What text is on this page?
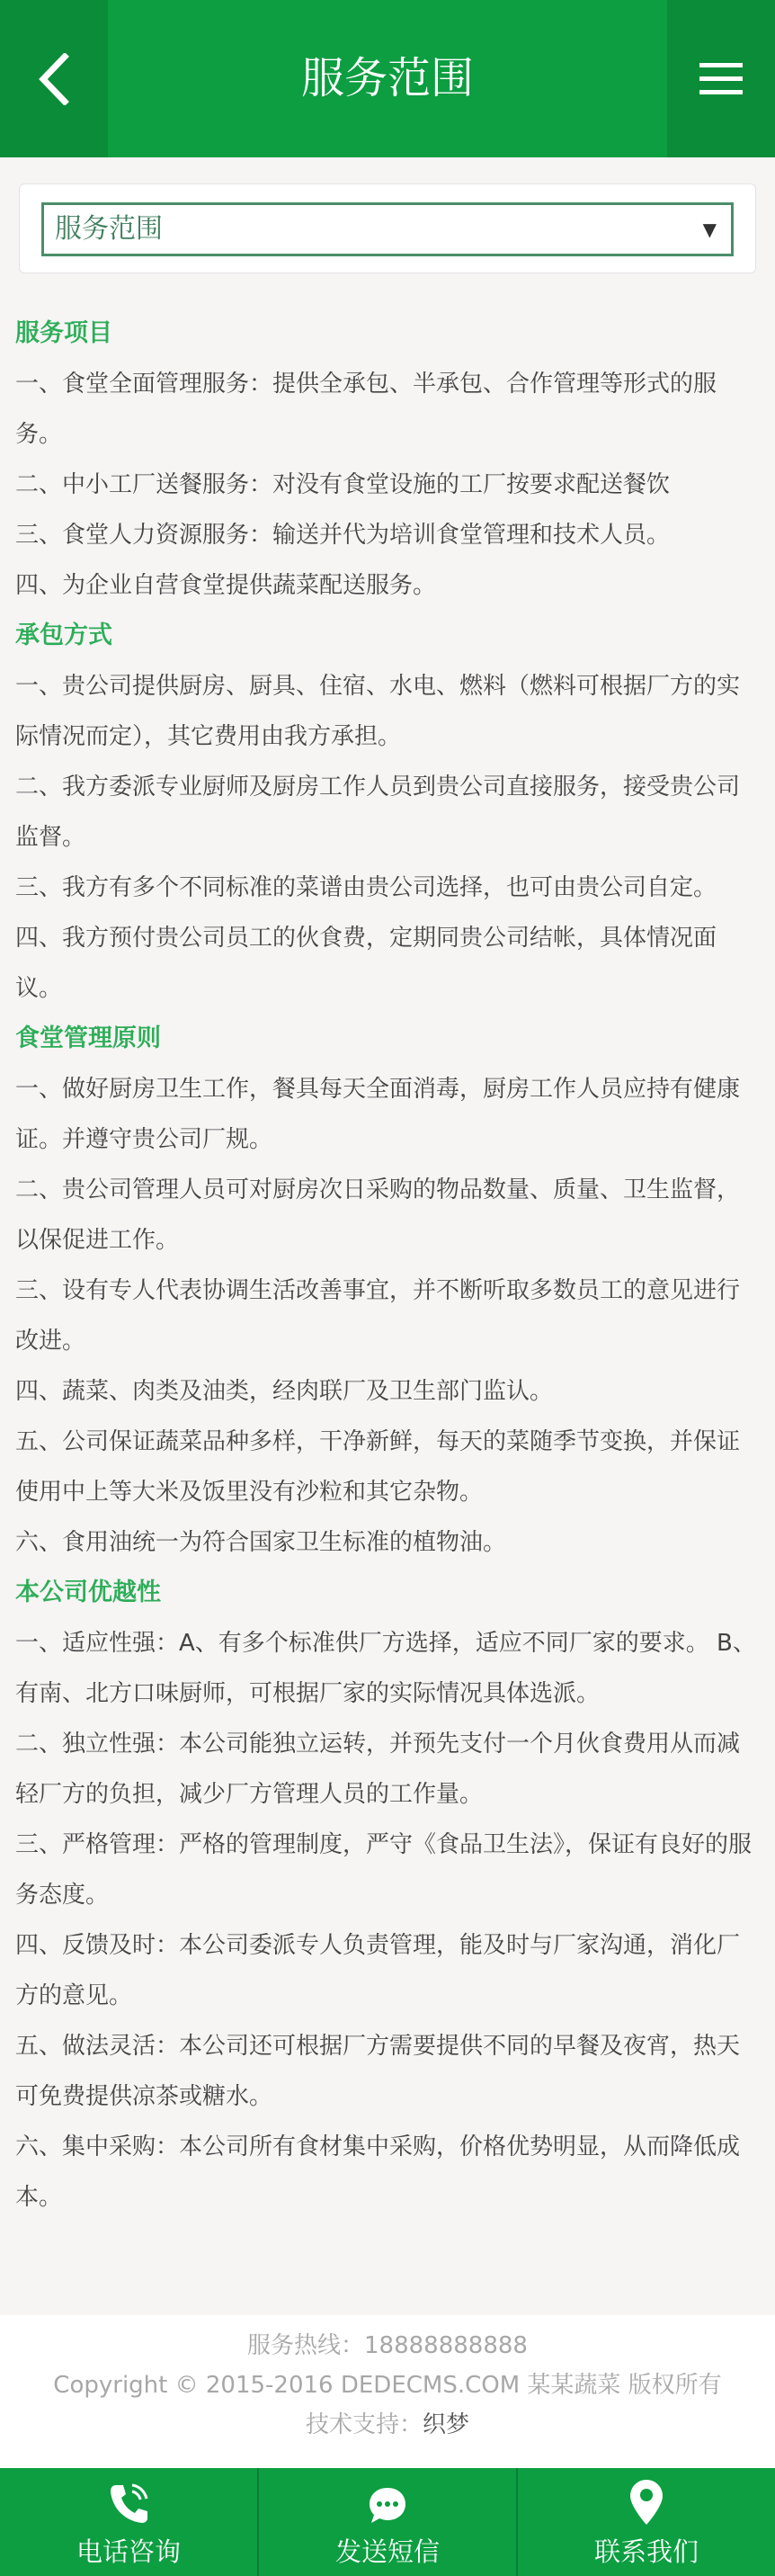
服务范围
服务范围	▼
服务项目

一、食堂全面管理服务：提供全承包、半承包、合作管理等形式的服务。

二、中小工厂送餐服务：对没有食堂设施的工厂按要求配送餐饮

三、食堂人力资源服务：输送并代为培训食堂管理和技术人员。

四、为企业自营食堂提供蔬菜配送服务。

承包方式

一、贵公司提供厨房、厨具、住宿、水电、燃料（燃料可根据厂方的实际情况而定），其它费用由我方承担。

二、我方委派专业厨师及厨房工作人员到贵公司直接服务，接受贵公司监督。

三、我方有多个不同标准的菜谱由贵公司选择，也可由贵公司自定。

四、我方预付贵公司员工的伙食费，定期同贵公司结帐，具体情况面议。

食堂管理原则

一、做好厨房卫生工作，餐具每天全面消毒，厨房工作人员应持有健康证。并遵守贵公司厂规。

二、贵公司管理人员可对厨房次日采购的物品数量、质量、卫生监督，以保促进工作。

三、设有专人代表协调生活改善事宜，并不断听取多数员工的意见进行改进。

四、蔬菜、肉类及油类，经肉联厂及卫生部门监认。

五、公司保证蔬菜品种多样，干净新鲜，每天的菜随季节变换，并保证使用中上等大米及饭里没有沙粒和其它杂物。

六、食用油统一为符合国家卫生标准的植物油。

本公司优越性

一、适应性强：A、有多个标准供厂方选择，适应不同厂家的要求。 B、有南、北方口味厨师，可根据厂家的实际情况具体选派。

二、独立性强：本公司能独立运转，并预先支付一个月伙食费用从而减轻厂方的负担，减少厂方管理人员的工作量。

三、严格管理：严格的管理制度，严守《食品卫生法》，保证有良好的服务态度。

四、反馈及时：本公司委派专人负责管理，能及时与厂家沟通，消化厂方的意见。

五、做法灵活：本公司还可根据厂方需要提供不同的早餐及夜宵，热天可免费提供凉茶或糖水。

六、集中采购：本公司所有食材集中采购，价格优势明显，从而降低成本。

服务热线：18888888888
Copyright © 2015-2016 DEDECMS.COM 某某蔬菜 版权所有
技术支持：织梦
电话咨询	发送短信	联系我们
